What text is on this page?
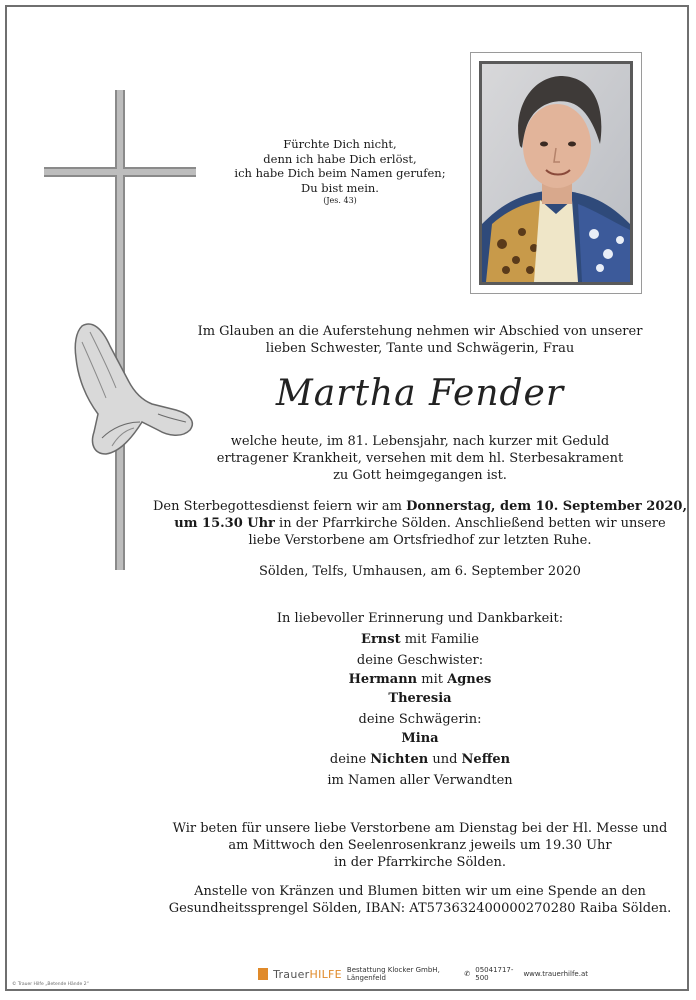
Fürchte Dich nicht,
denn ich habe Dich erlöst,
ich habe Dich beim Namen gerufen;
Du bist mein.
(Jes. 43)
Im Glauben an die Auferstehung nehmen wir Abschied von unserer
lieben Schwester, Tante und Schwägerin, Frau
Martha Fender
welche heute, im 81. Lebensjahr, nach kurzer mit Geduld
ertragener Krankheit, versehen mit dem hl. Sterbesakrament
zu Gott heimgegangen ist.
Den Sterbegottesdienst feiern wir am Donnerstag, dem 10. September 2020,
um 15.30 Uhr in der Pfarrkirche Sölden. Anschließend betten wir unsere
liebe Verstorbene am Ortsfriedhof zur letzten Ruhe.
Sölden, Telfs, Umhausen, am 6. September 2020
In liebevoller Erinnerung und Dankbarkeit:
Ernst mit Familie
deine Geschwister:
Hermann mit Agnes
Theresia
deine Schwägerin:
Mina
deine Nichten und Neffen
im Namen aller Verwandten
Wir beten für unsere liebe Verstorbene am Dienstag bei der Hl. Messe und
am Mittwoch den Seelenrosenkranz jeweils um 19.30 Uhr
in der Pfarrkirche Sölden.
Anstelle von Kränzen und Blumen bitten wir um eine Spende an den
Gesundheitssprengel Sölden, IBAN: AT573632400000270280 Raiba Sölden.
TrauerHILFE Bestattung Klocker GmbH, Längenfeld	✆ 05041717-500	www.trauerhilfe.at
© Trauer Hilfe „Betende Hände 2“
